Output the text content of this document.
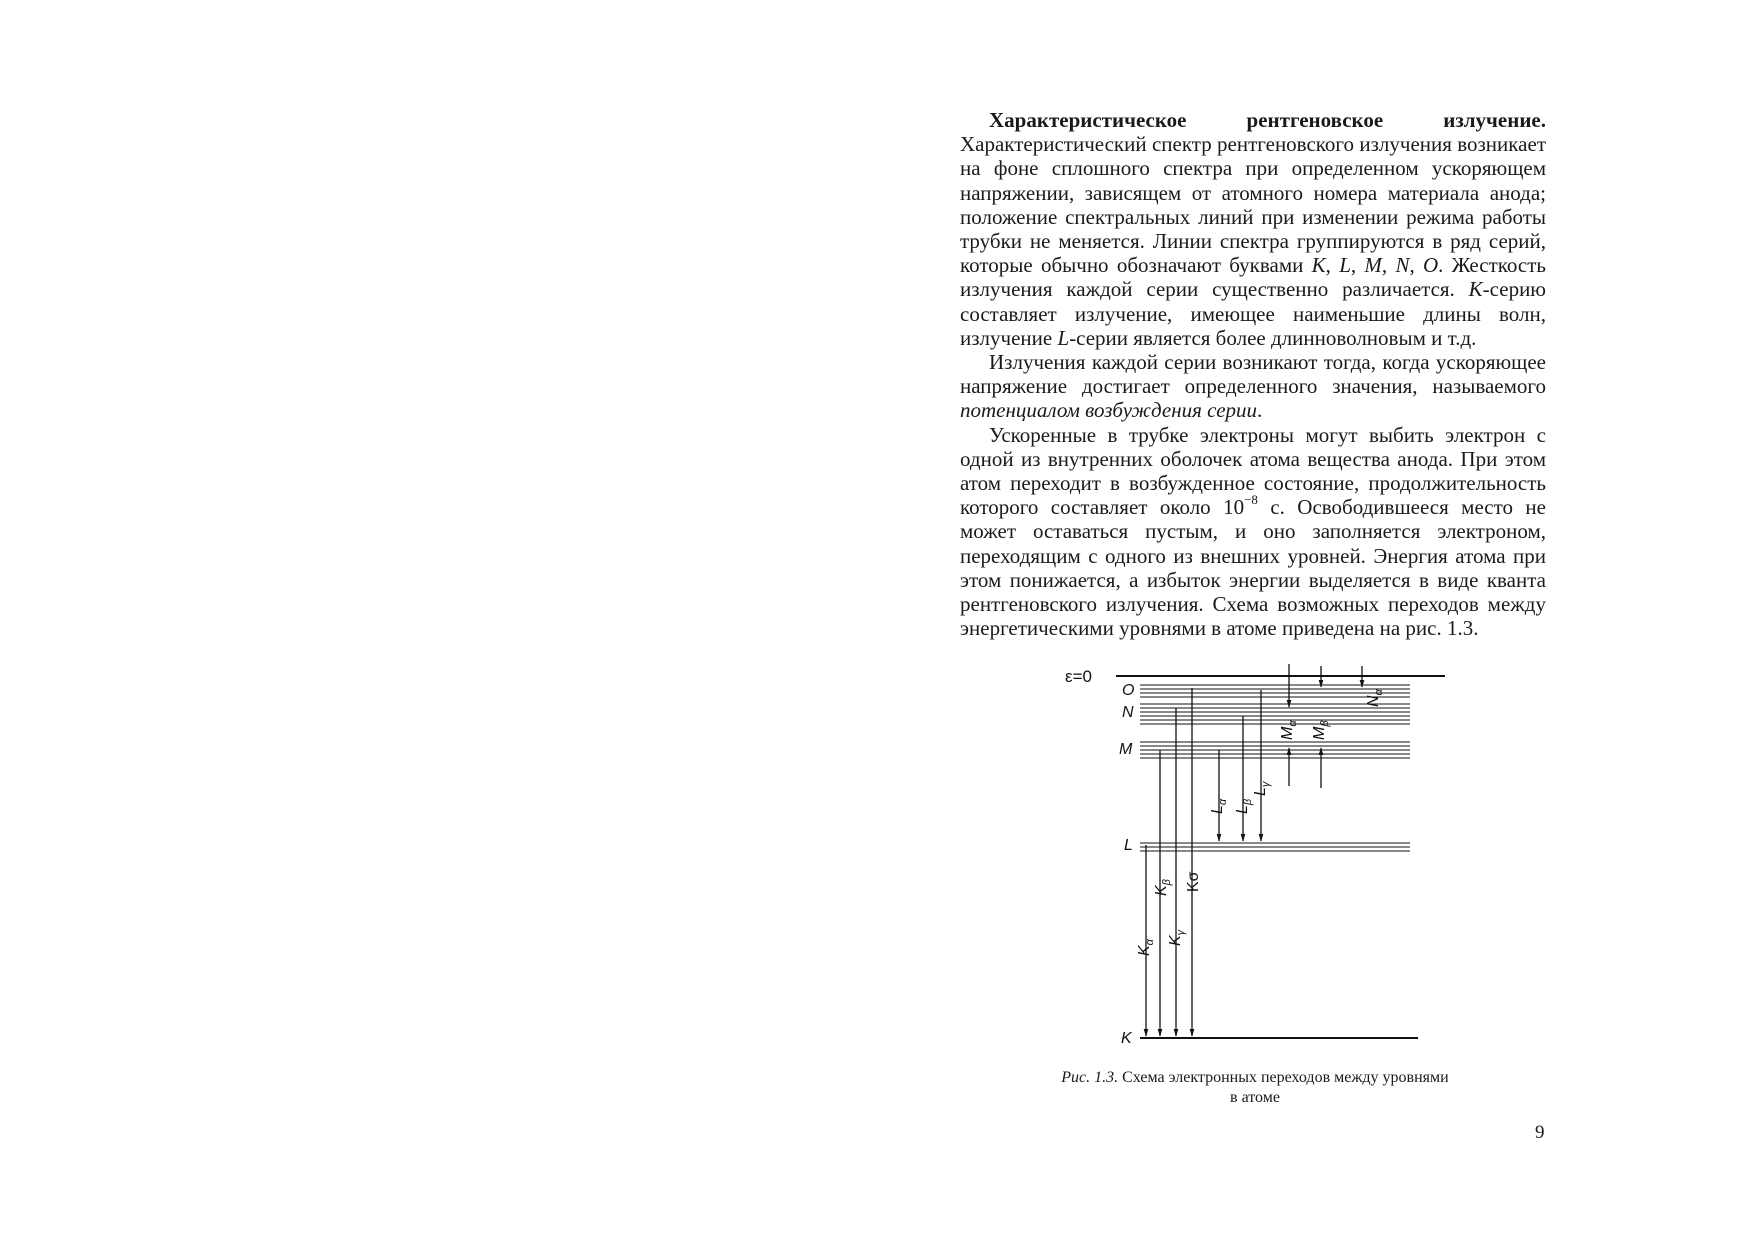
Характеристическое рентгеновское излучение. Характеристический спектр рентгеновского излучения возникает на фоне сплошного спектра при определенном ускоряющем напряжении, зависящем от атомного номера материала анода; положение спектральных линий при изменении режима работы трубки не меняется. Линии спектра группируются в ряд серий, которые обычно обозначают буквами K, L, M, N, O. Жесткость излучения каждой серии существенно различается. K-серию составляет излучение, имеющее наименьшие длины волн, излучение L-серии является более длинноволновым и т.д.

Излучения каждой серии возникают тогда, когда ускоряющее напряжение достигает определенного значения, называемого потенциалом возбуждения серии.

Ускоренные в трубке электроны могут выбить электрон с одной из внутренних оболочек атома вещества анода. При этом атом переходит в возбужденное состояние, продолжительность которого составляет около $10^{-8}$ с. Освободившееся место не может оставаться пустым, и оно заполняется электроном, переходящим с одного из внешних уровней. Энергия атома при этом понижается, а избыток энергии выделяется в виде кванта рентгеновского излучения. Схема возможных переходов между энергетическими уровнями в атоме приведена на рис. 1.3.

ε=0
O
N
M
L
K
$K_\alpha$
$K_\beta$
$K_\gamma$
Kσ
$L_\alpha$
$L_\beta$
$L_\gamma$
$M_\alpha$
$M_\beta$
$N_\alpha$
Рис. 1.3. Схема электронных переходов между уровнями в атоме
9
